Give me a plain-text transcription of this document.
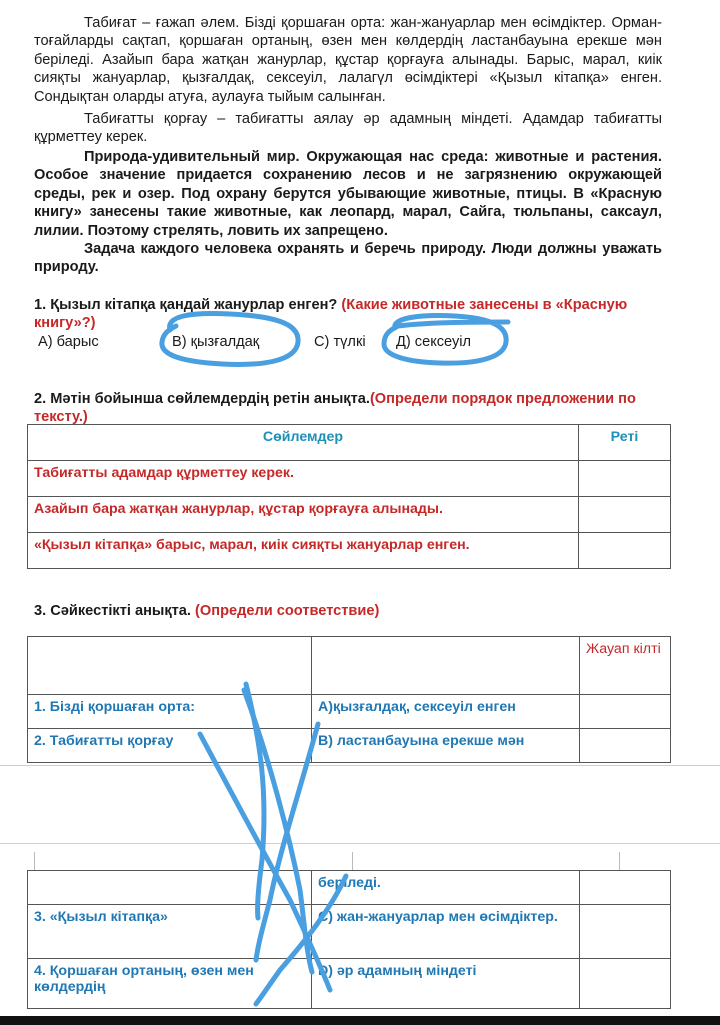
Табиғат – ғажап әлем. Бізді қоршаған орта: жан-жануарлар мен өсімдіктер. Орман-тоғайларды сақтап, қоршаған ортаның, өзен мен көлдердің ластанбауына ерекше мән беріледі. Азайып бара жатқан жанурлар, құстар қорғауға алынады. Барыс, марал, киік сияқты жануарлар, қызғалдақ, сексеуіл, лалагүл өсімдіктері «Қызыл кітапқа» енген. Сондықтан оларды атуға, аулауға тыйым салынған.

Табиғатты қорғау – табиғатты аялау әр адамның міндеті. Адамдар табиғатты құрметтеу керек.

Природа-удивительный мир. Окружающая нас среда: животные и растения. Особое значение придается сохранению лесов и не загрязнению окружающей среды, рек и озер. Под охрану берутся убывающие животные, птицы. В «Красную книгу» занесены такие животные, как леопард, марал, Сайга, тюльпаны, саксаул, лилии. Поэтому стрелять, ловить их запрещено.

Задача каждого человека охранять и беречь природу. Люди должны уважать природу.

1. Қызыл кітапқа қандай жанурлар енген? (Какие животные занесены в «Красную книгу»?)
А) барыс	В) қызғалдақ	С) түлкі Д) сексеуіл
2. Мәтін бойынша сөйлемдердің ретін анықта.(Определи порядок предложении по тексту.)
Сөйлемдер	Реті
Табиғатты адамдар құрметтеу керек.	
Азайып бара жатқан жанурлар, құстар қорғауға алынады.	
«Қызыл кітапқа» барыс, марал, киік сияқты жануарлар енген.	
3. Сәйкестікті анықта. (Определи соответствие)
		Жауап кілті
1. Бізді қоршаған орта:	А)қызғалдақ, сексеуіл енген	
2. Табиғатты қорғау	В) ластанбауына ерекше мән	
	беріледі.	
3. «Қызыл кітапқа»	С) жан-жануарлар мен өсімдіктер.	
4. Қоршаған ортаның, өзен мен көлдердің	D) әр адамның міндеті	
